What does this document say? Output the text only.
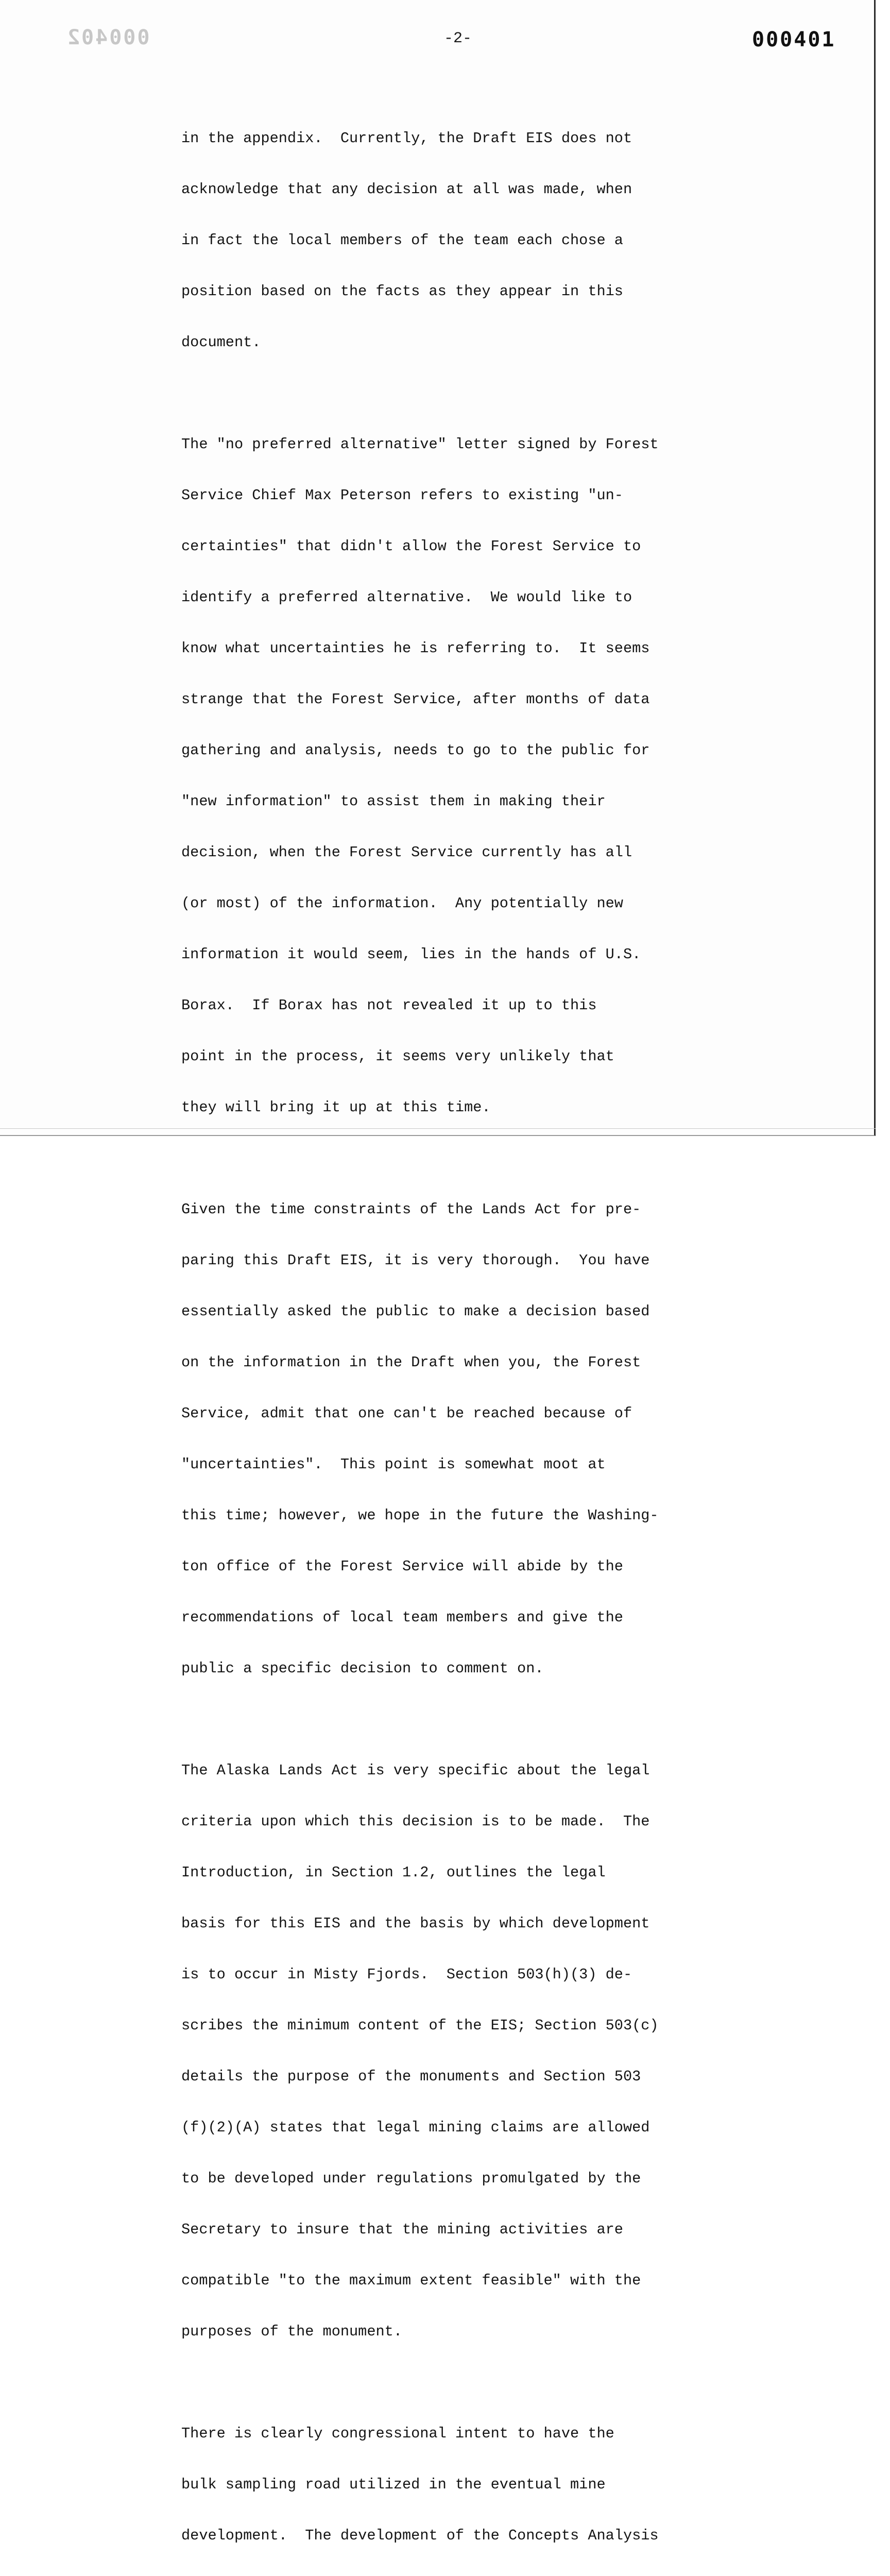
000402	-2-	000401

in the appendix.  Currently, the Draft EIS does not

acknowledge that any decision at all was made, when

in fact the local members of the team each chose a

position based on the facts as they appear in this

document.

The "no preferred alternative" letter signed by Forest

Service Chief Max Peterson refers to existing "un-

certainties" that didn't allow the Forest Service to

identify a preferred alternative.  We would like to

know what uncertainties he is referring to.  It seems

strange that the Forest Service, after months of data

gathering and analysis, needs to go to the public for

"new information" to assist them in making their

decision, when the Forest Service currently has all

(or most) of the information.  Any potentially new

information it would seem, lies in the hands of U.S.

Borax.  If Borax has not revealed it up to this

point in the process, it seems very unlikely that

they will bring it up at this time.

Given the time constraints of the Lands Act for pre-

paring this Draft EIS, it is very thorough.  You have

essentially asked the public to make a decision based

on the information in the Draft when you, the Forest

Service, admit that one can't be reached because of

"uncertainties".  This point is somewhat moot at

this time; however, we hope in the future the Washing-

ton office of the Forest Service will abide by the

recommendations of local team members and give the

public a specific decision to comment on.

The Alaska Lands Act is very specific about the legal

criteria upon which this decision is to be made.  The

Introduction, in Section 1.2, outlines the legal

basis for this EIS and the basis by which development

is to occur in Misty Fjords.  Section 503(h)(3) de-

scribes the minimum content of the EIS; Section 503(c)

details the purpose of the monuments and Section 503

(f)(2)(A) states that legal mining claims are allowed

to be developed under regulations promulgated by the

Secretary to insure that the mining activities are

compatible "to the maximum extent feasible" with the

purposes of the monument.

There is clearly congressional intent to have the

bulk sampling road utilized in the eventual mine

development.  The development of the Concepts Analysis
